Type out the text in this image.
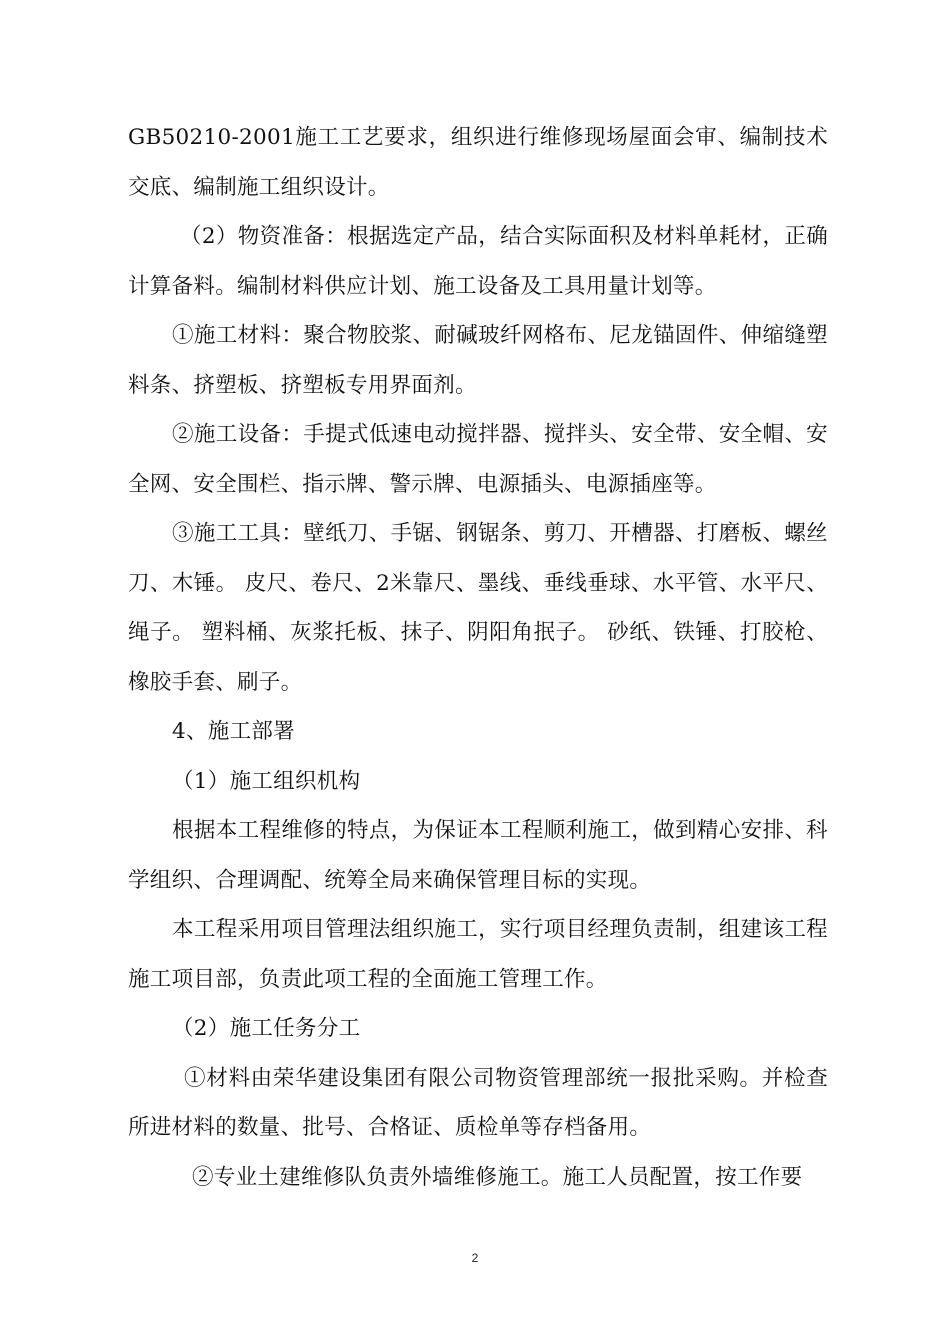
GB50210-2001施工工艺要求，组织进行维修现场屋面会审、编制技术交底、编制施工组织设计。

（2）物资准备：根据选定产品，结合实际面积及材料单耗材，正确计算备料。编制材料供应计划、施工设备及工具用量计划等。

①施工材料：聚合物胶浆、耐碱玻纤网格布、尼龙锚固件、伸缩缝塑料条、挤塑板、挤塑板专用界面剂。

②施工设备：手提式低速电动搅拌器、搅拌头、安全带、安全帽、安全网、安全围栏、指示牌、警示牌、电源插头、电源插座等。

③施工工具：壁纸刀、手锯、钢锯条、剪刀、开槽器、打磨板、螺丝刀、木锤。 皮尺、卷尺、2米靠尺、墨线、垂线垂球、水平管、水平尺、绳子。 塑料桶、灰浆托板、抹子、阴阳角抿子。 砂纸、铁锤、打胶枪、橡胶手套、刷子。

4、施工部署

（1）施工组织机构

根据本工程维修的特点，为保证本工程顺利施工，做到精心安排、科学组织、合理调配、统筹全局来确保管理目标的实现。

本工程采用项目管理法组织施工，实行项目经理负责制，组建该工程施工项目部，负责此项工程的全面施工管理工作。

（2）施工任务分工

①材料由荣华建设集团有限公司物资管理部统一报批采购。并检查所进材料的数量、批号、合格证、质检单等存档备用。

②专业土建维修队负责外墙维修施工。施工人员配置，按工作要

2
